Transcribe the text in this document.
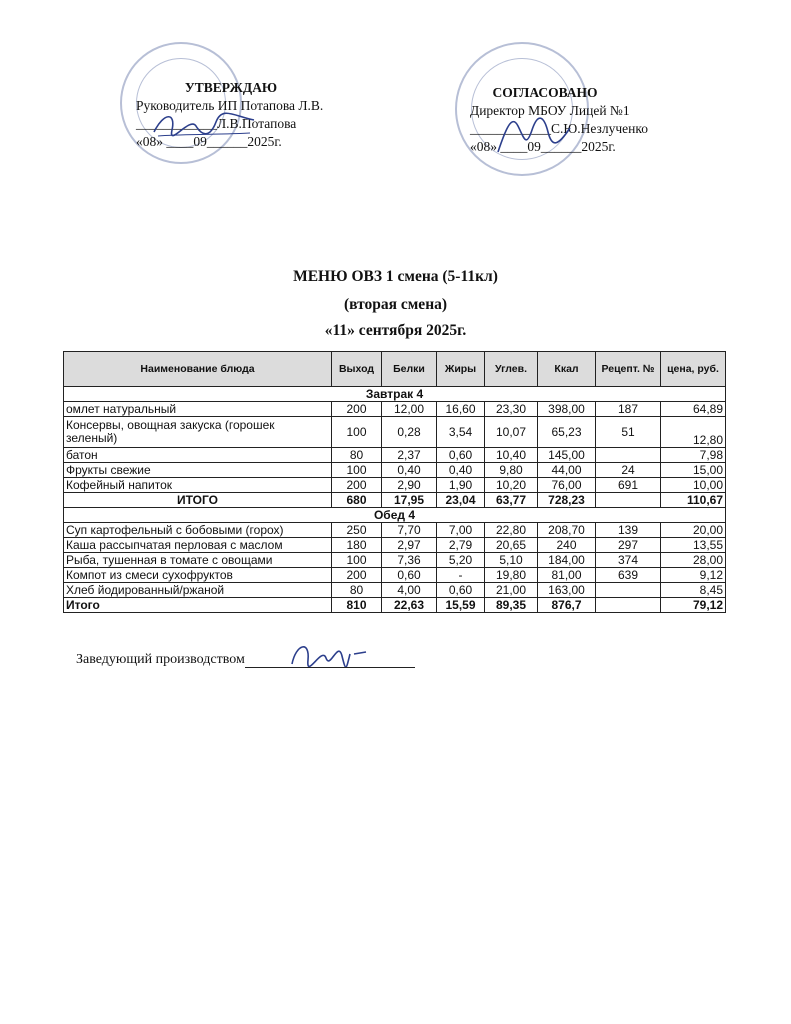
УТВЕРЖДАЮ
Руководитель ИП Потапова Л.В.
____________Л.В.Потапова
«08» ____09______2025г.
СОГЛАСОВАНО
Директор МБОУ Лицей №1
____________С.Ю.Незлученко
«08» ____09______2025г.
МЕНЮ ОВЗ 1 смена (5-11кл)
(вторая смена)
«11» сентября 2025г.
Наименование блюда	Выход	Белки	Жиры	Углев.	Ккал	Рецепт. №	цена, руб.
Завтрак 4							
омлет натуральный	200	12,00	16,60	23,30	398,00	187	64,89
Консервы, овощная закуска (горошек зеленый)	100	0,28	3,54	10,07	65,23	51	12,80
батон	80	2,37	0,60	10,40	145,00		7,98
Фрукты свежие	100	0,40	0,40	9,80	44,00	24	15,00
Кофейный напиток	200	2,90	1,90	10,20	76,00	691	10,00
ИТОГО	680	17,95	23,04	63,77	728,23		110,67
Обед 4							
Суп картофельный с бобовыми (горох)	250	7,70	7,00	22,80	208,70	139	20,00
Каша рассыпчатая перловая с маслом	180	2,97	2,79	20,65	240	297	13,55
Рыба, тушенная в томате с овощами	100	7,36	5,20	5,10	184,00	374	28,00
Компот из смеси сухофруктов	200	0,60	-	19,80	81,00	639	9,12
Хлеб йодированный/ржаной	80	4,00	0,60	21,00	163,00		8,45
Итого	810	22,63	15,59	89,35	876,7		79,12
Заведующий производством
